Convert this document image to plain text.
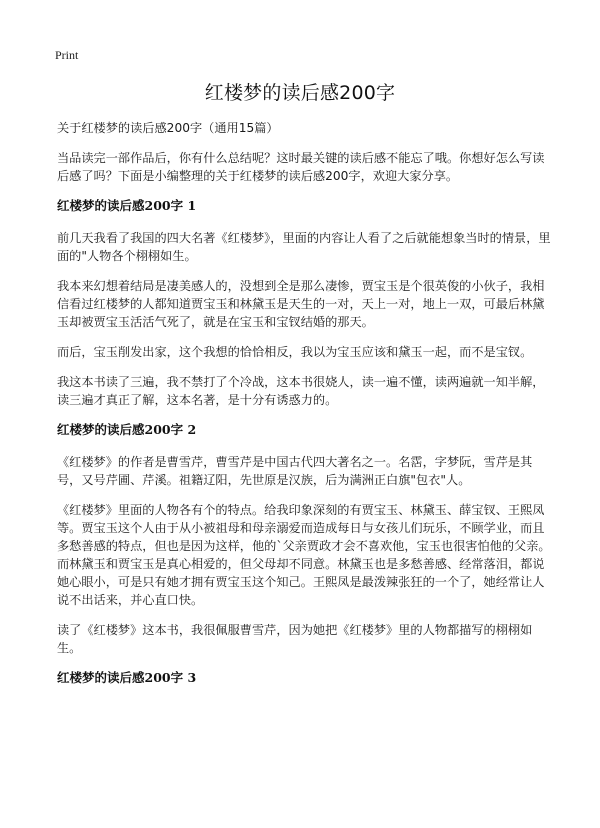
Print
红楼梦的读后感200字

关于红楼梦的读后感200字（通用15篇）

当品读完一部作品后，你有什么总结呢？这时最关键的读后感不能忘了哦。你想好怎么写读后感了吗？下面是小编整理的关于红楼梦的读后感200字，欢迎大家分享。

红楼梦的读后感200字 1

前几天我看了我国的四大名著《红楼梦》，里面的内容让人看了之后就能想象当时的情景，里面的"人物各个栩栩如生。

我本来幻想着结局是凄美感人的，没想到全是那么凄惨，贾宝玉是个很英俊的小伙子，我相信看过红楼梦的人都知道贾宝玉和林黛玉是天生的一对，天上一对，地上一双，可最后林黛玉却被贾宝玉活活气死了，就是在宝玉和宝钗结婚的那天。

而后，宝玉削发出家，这个我想的恰恰相反，我以为宝玉应该和黛玉一起，而不是宝钗。

我这本书读了三遍，我不禁打了个冷战，这本书很娆人，读一遍不懂，读两遍就一知半解，读三遍才真正了解，这本名著，是十分有诱惑力的。

红楼梦的读后感200字 2

《红楼梦》的作者是曹雪芹，曹雪芹是中国古代四大著名之一。名霑，字梦阮，雪芹是其号，又号芹圃、芹溪。祖籍辽阳，先世原是汉族，后为满洲正白旗"包衣"人。

《红楼梦》里面的人物各有个的特点。给我印象深刻的有贾宝玉、林黛玉、薛宝钗、王熙凤等。贾宝玉这个人由于从小被祖母和母亲溺爱而造成每日与女孩儿们玩乐，不顾学业，而且多愁善感的特点，但也是因为这样，他的`父亲贾政才会不喜欢他，宝玉也很害怕他的父亲。而林黛玉和贾宝玉是真心相爱的，但父母却不同意。林黛玉也是多愁善感、经常落泪，都说她心眼小，可是只有她才拥有贾宝玉这个知己。王熙凤是最泼辣张狂的一个了，她经常让人说不出话来，并心直口快。

读了《红楼梦》这本书，我很佩服曹雪芹，因为她把《红楼梦》里的人物都描写的栩栩如生。

红楼梦的读后感200字 3
